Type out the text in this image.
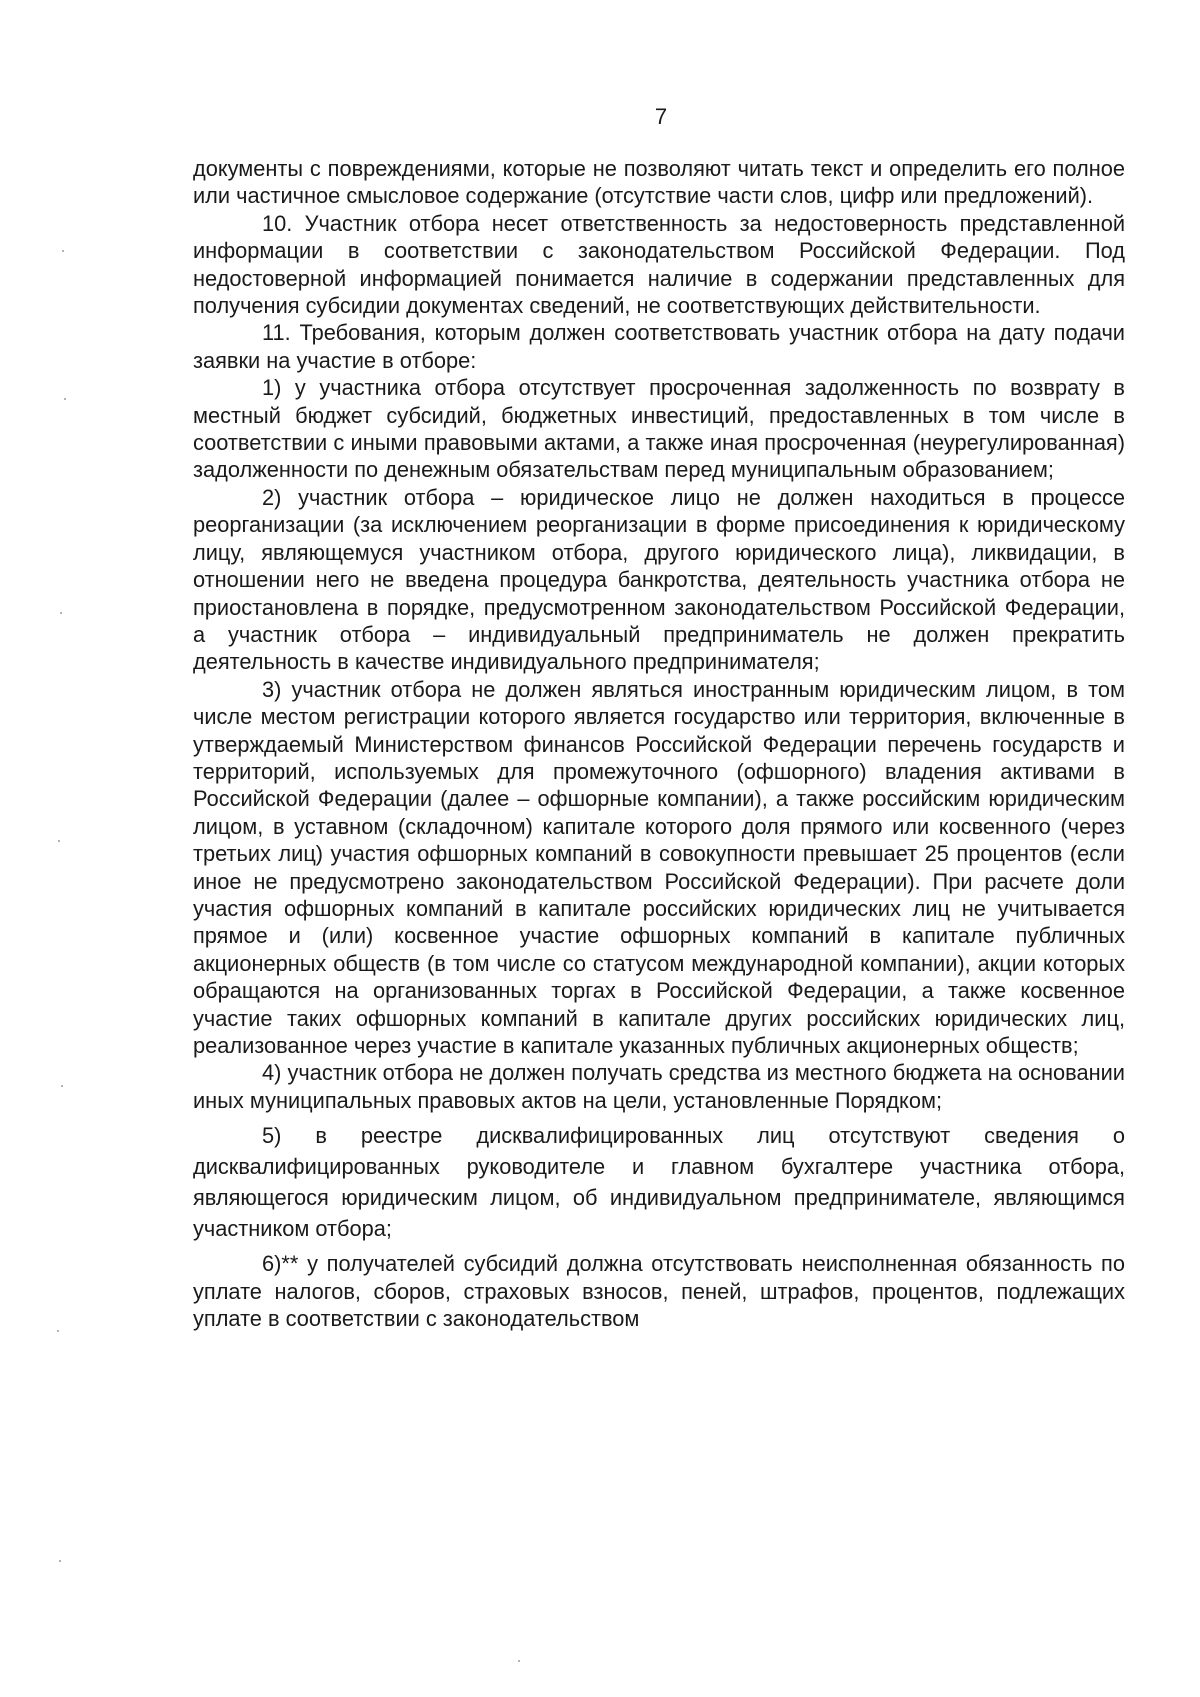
7

документы с повреждениями, которые не позволяют читать текст и определить его полное или частичное смысловое содержание (отсутствие части слов, цифр или предложений).

10. Участник отбора несет ответственность за недостоверность представленной информации в соответствии с законодательством Российской Федерации. Под недостоверной информацией понимается наличие в содержании представленных для получения субсидии документах сведений, не соответствующих действительности.

11. Требования, которым должен соответствовать участник отбора на дату подачи заявки на участие в отборе:

1) у участника отбора отсутствует просроченная задолженность по возврату в местный бюджет субсидий, бюджетных инвестиций, предоставленных в том числе в соответствии с иными правовыми актами, а также иная просроченная (неурегулированная) задолженности по денежным обязательствам перед муниципальным образованием;

2) участник отбора – юридическое лицо не должен находиться в процессе реорганизации (за исключением реорганизации в форме присоединения к юридическому лицу, являющемуся участником отбора, другого юридического лица), ликвидации, в отношении него не введена процедура банкротства, деятельность участника отбора не приостановлена в порядке, предусмотренном законодательством Российской Федерации, а участник отбора – индивидуальный предприниматель не должен прекратить деятельность в качестве индивидуального предпринимателя;

3) участник отбора не должен являться иностранным юридическим лицом, в том числе местом регистрации которого является государство или территория, включенные в утверждаемый Министерством финансов Российской Федерации перечень государств и территорий, используемых для промежуточного (офшорного) владения активами в Российской Федерации (далее – офшорные компании), а также российским юридическим лицом, в уставном (складочном) капитале которого доля прямого или косвенного (через третьих лиц) участия офшорных компаний в совокупности превышает 25 процентов (если иное не предусмотрено законодательством Российской Федерации). При расчете доли участия офшорных компаний в капитале российских юридических лиц не учитывается прямое и (или) косвенное участие офшорных компаний в капитале публичных акционерных обществ (в том числе со статусом международной компании), акции которых обращаются на организованных торгах в Российской Федерации, а также косвенное участие таких офшорных компаний в капитале других российских юридических лиц, реализованное через участие в капитале указанных публичных акционерных обществ;

4) участник отбора не должен получать средства из местного бюджета на основании иных муниципальных правовых актов на цели, установленные Порядком;

5) в реестре дисквалифицированных лиц отсутствуют сведения о дисквалифицированных руководителе и главном бухгалтере участника отбора, являющегося юридическим лицом, об индивидуальном предпринимателе, являющимся участником отбора;

6)** у получателей субсидий должна отсутствовать неисполненная обязанность по уплате налогов, сборов, страховых взносов, пеней, штрафов, процентов, подлежащих уплате в соответствии с законодательством
